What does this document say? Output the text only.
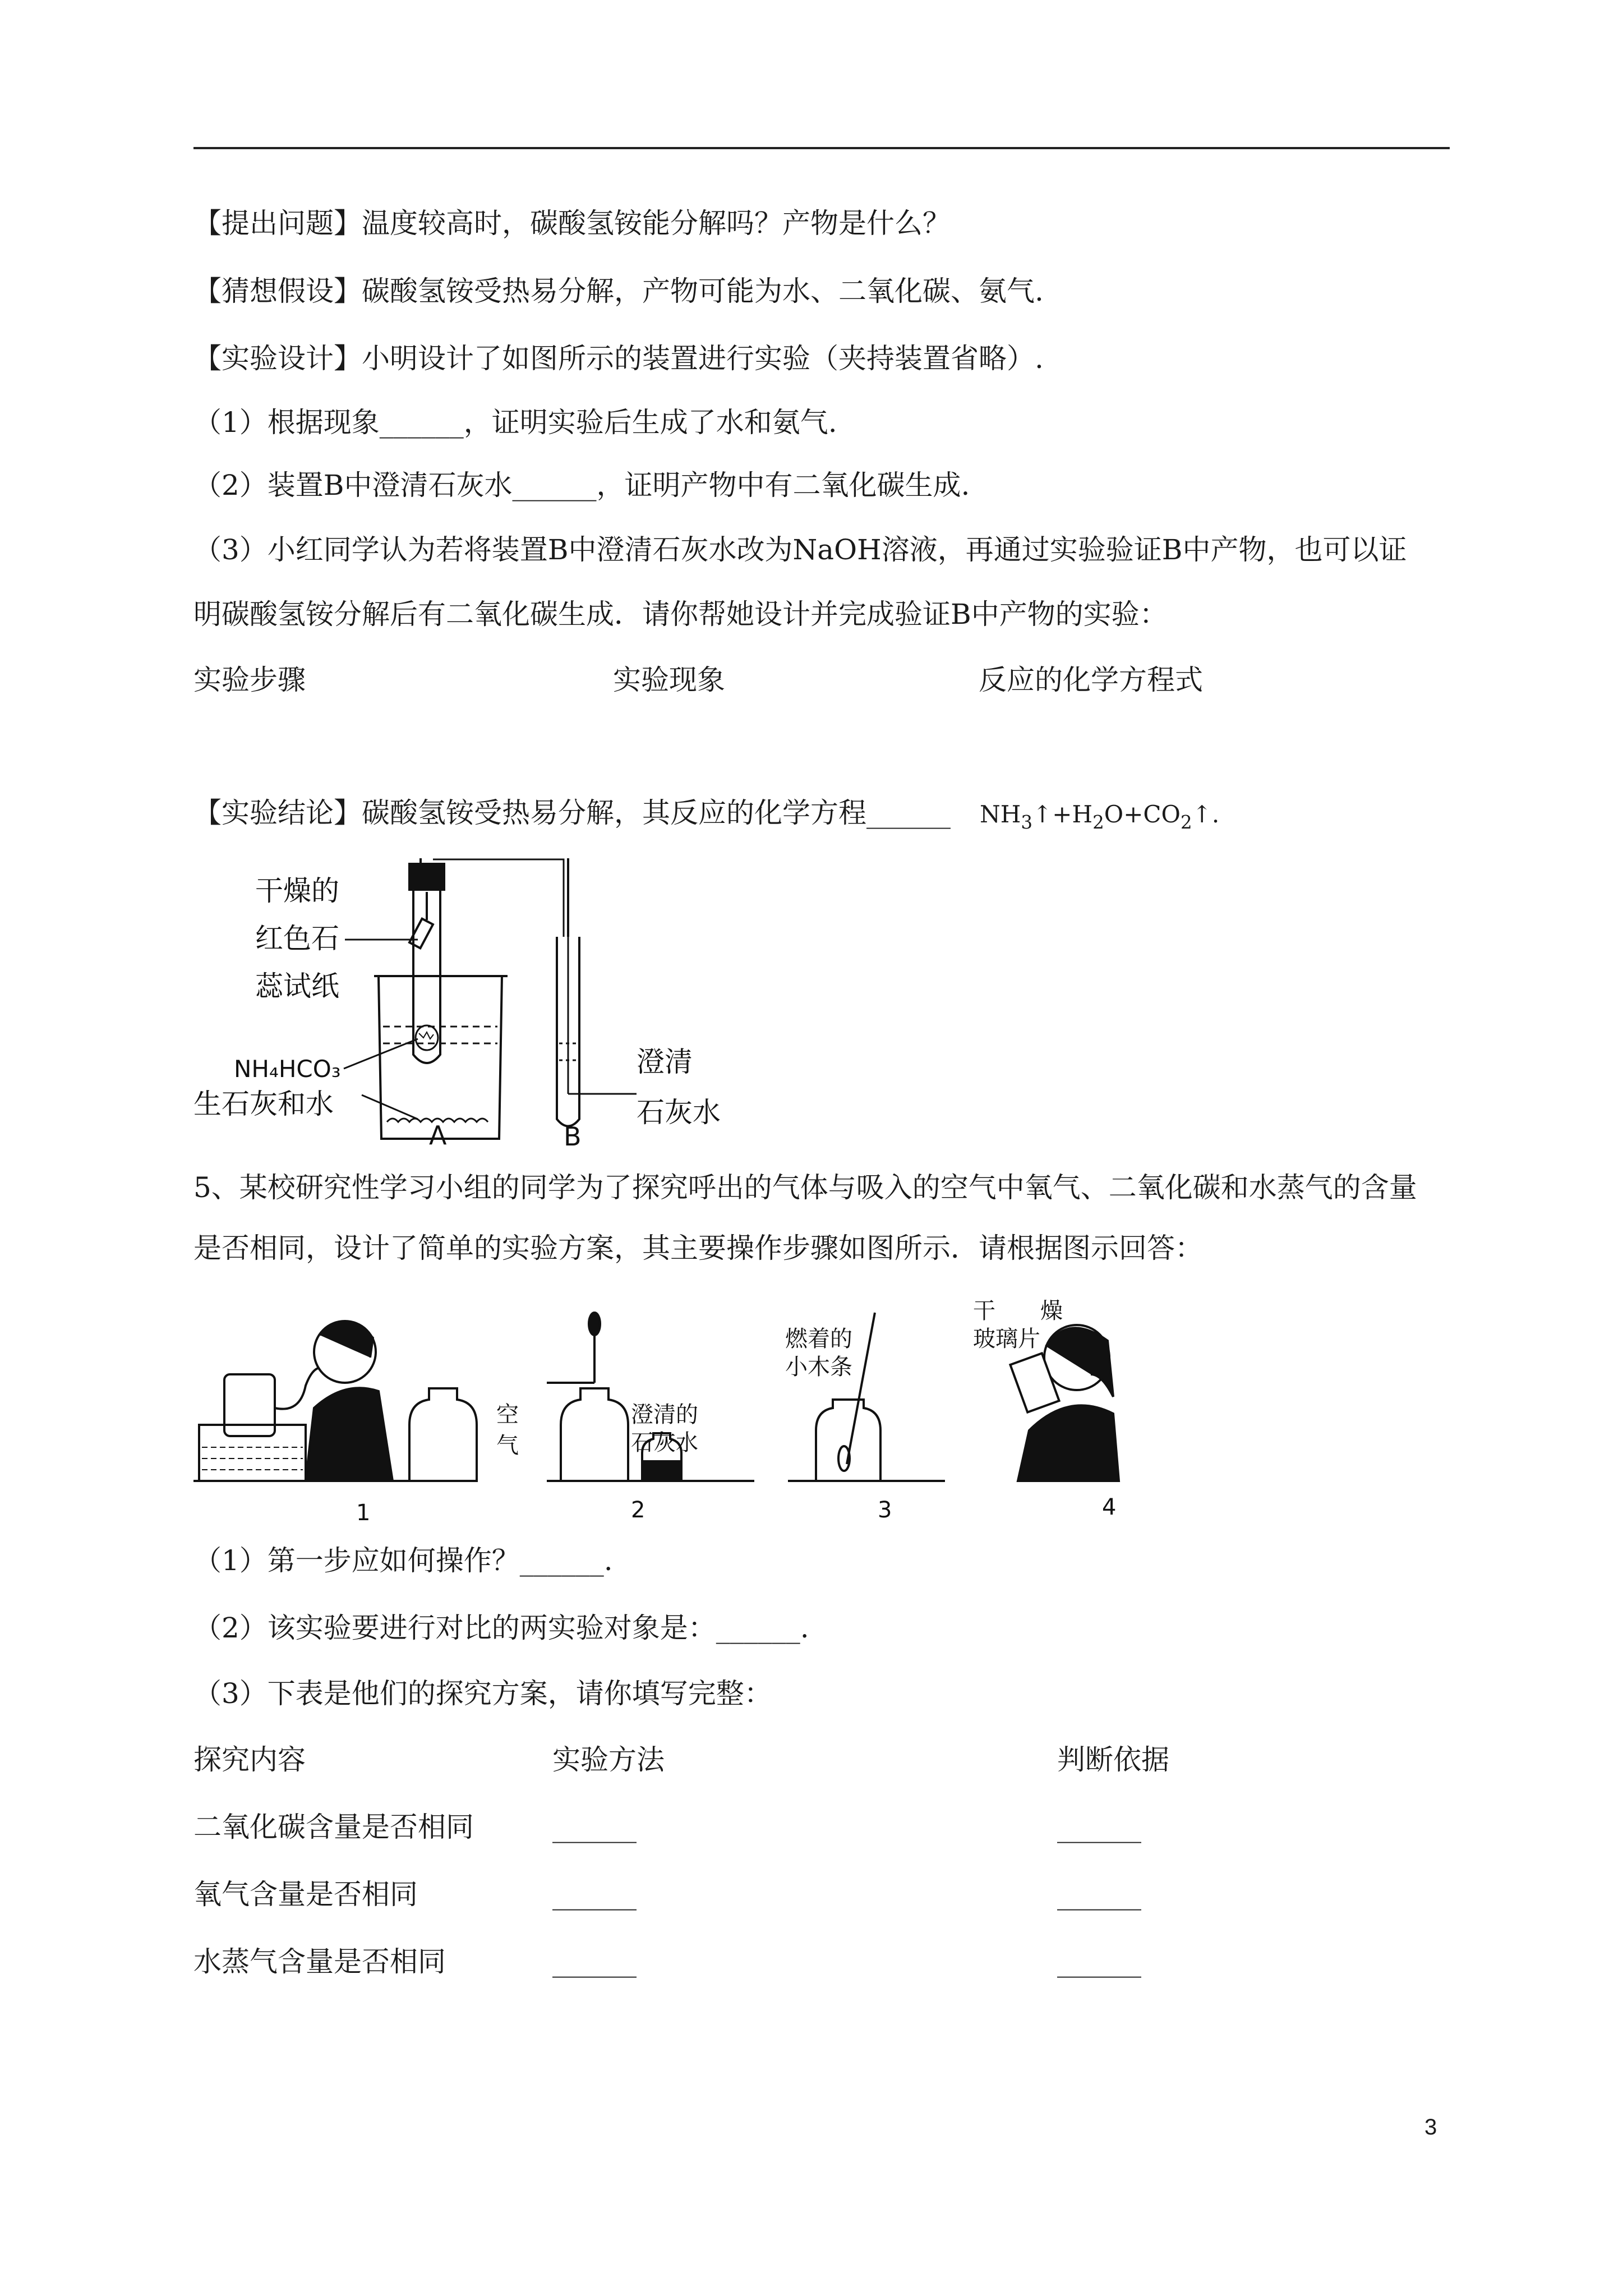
【提出问题】温度较高时，碳酸氢铵能分解吗？产物是什么？
【猜想假设】碳酸氢铵受热易分解，产物可能为水、二氧化碳、氨气.
【实验设计】小明设计了如图所示的装置进行实验（夹持装置省略）.
（1）根据现象______，证明实验后生成了水和氨气.
（2）装置B中澄清石灰水______，证明产物中有二氧化碳生成.
（3）小红同学认为若将装置B中澄清石灰水改为NaOH溶液，再通过实验验证B中产物，也可以证
明碳酸氢铵分解后有二氧化碳生成．请你帮她设计并完成验证B中产物的实验：
实验步骤	实验现象	反应的化学方程式
【实验结论】碳酸氢铵受热易分解，其反应的化学方程______ $NH_3↑+H_2O+CO_2↑$.
干燥的
红色石
蕊试纸
NH₄HCO₃
生石灰和水
澄清
石灰水
A	B
5、某校研究性学习小组的同学为了探究呼出的气体与吸入的空气中氧气、二氧化碳和水蒸气的含量
是否相同，设计了简单的实验方案，其主要操作步骤如图所示．请根据图示回答：
空
气
澄清的
石灰水
燃着的
小木条
干 燥
玻璃片
1	2	3	4
（1）第一步应如何操作？______.
（2）该实验要进行对比的两实验对象是：______.
（3）下表是他们的探究方案，请你填写完整：
探究内容	实验方法	判断依据
二氧化碳含量是否相同	______	______
氧气含量是否相同	______	______
水蒸气含量是否相同	______	______
3
